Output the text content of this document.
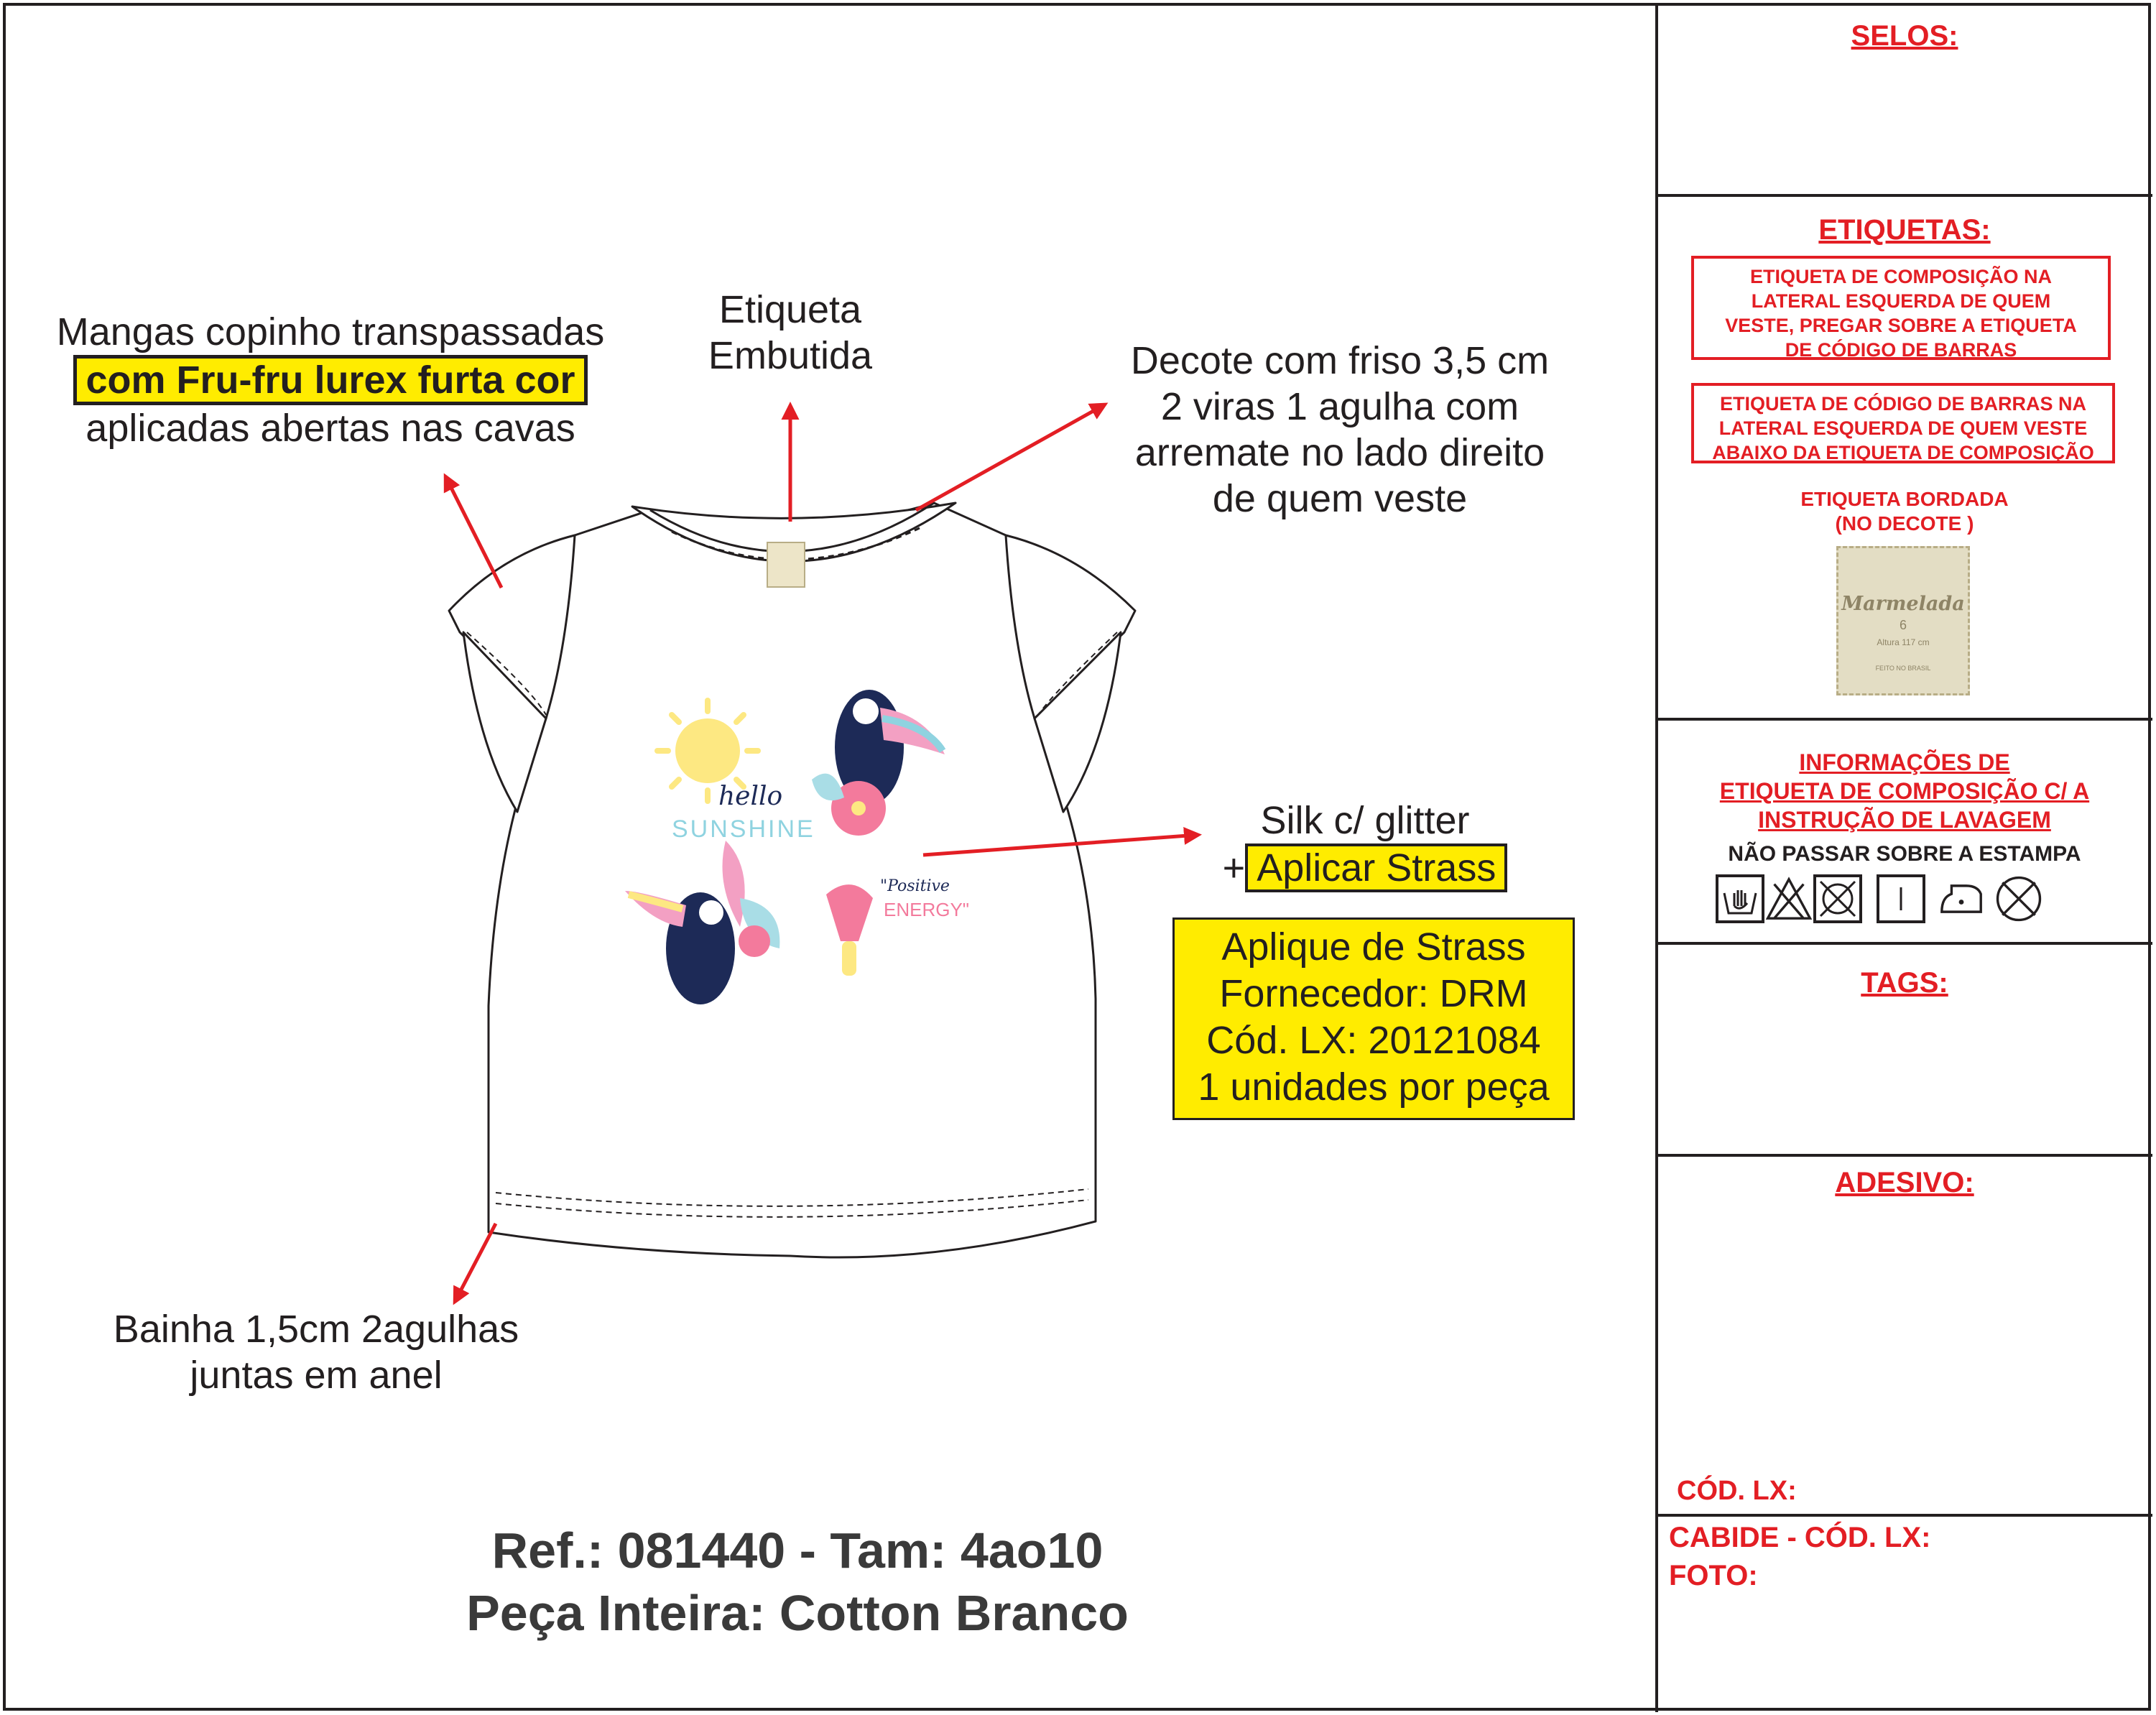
hello
SUNSHINE
"Positive
ENERGY"
Mangas copinho transpassadas
com Fru-fru lurex furta cor
aplicadas abertas nas cavas
Etiqueta
Embutida	Decote com friso 3,5 cm
2 viras 1 agulha com
arremate no lado direito
de quem veste
Silk c/ glitter
+ Aplicar Strass
Aplique de Strass
Fornecedor: DRM
Cód. LX: 20121084
1 unidades por peça
Bainha 1,5cm 2agulhas
juntas em anel
Ref.: 081440 - Tam: 4ao10
Peça Inteira: Cotton Branco
SELOS:
ETIQUETAS:
ETIQUETA DE COMPOSIÇÃO NA
LATERAL ESQUERDA DE QUEM
VESTE, PREGAR SOBRE A ETIQUETA
DE CÓDIGO DE BARRAS
ETIQUETA DE CÓDIGO DE BARRAS NA
LATERAL ESQUERDA DE QUEM VESTE
ABAIXO DA ETIQUETA DE COMPOSIÇÃO
ETIQUETA BORDADA
(NO DECOTE )
Marmelada
6
Altura 117 cm
FEITO NO BRASIL
INFORMAÇÕES DE
ETIQUETA DE COMPOSIÇÃO C/ A
INSTRUÇÃO DE LAVAGEM
NÃO PASSAR SOBRE A ESTAMPA
TAGS:
ADESIVO:
CÓD. LX:
CABIDE - CÓD. LX:
FOTO:
